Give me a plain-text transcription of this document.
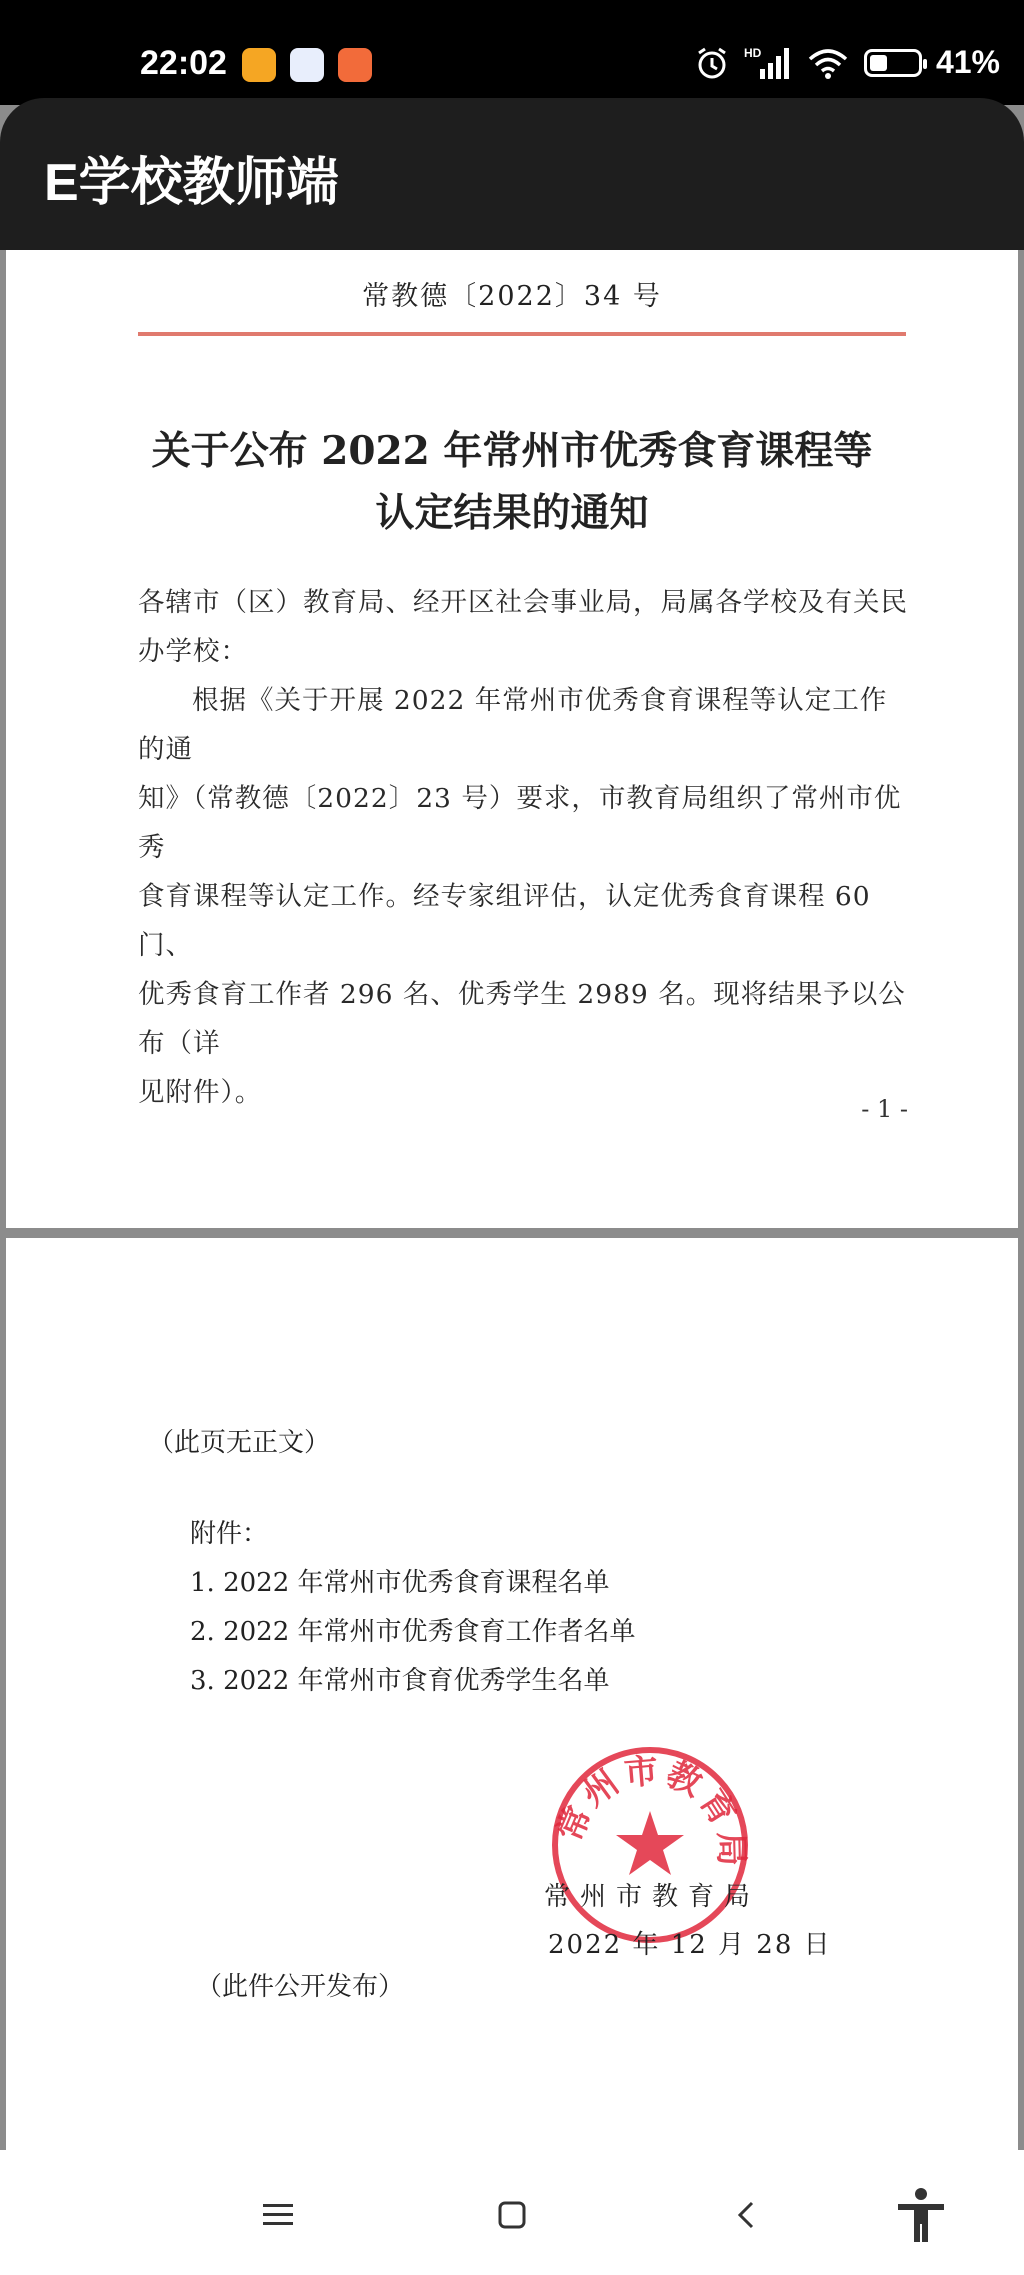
22:02	HD	41%
E学校教师端
常教德〔2022〕34 号
关于公布 2022 年常州市优秀食育课程等
认定结果的通知

各辖市（区）教育局、经开区社会事业局，局属各学校及有关民

办学校：

根据《关于开展 2022 年常州市优秀食育课程等认定工作的通

知》（常教德〔2022〕23 号）要求，市教育局组织了常州市优秀

食育课程等认定工作。经专家组评估，认定优秀食育课程 60 门、

优秀食育工作者 296 名、优秀学生 2989 名。现将结果予以公布（详

见附件）。

- 1 -
（此页无正文）
附件：
1. 2022 年常州市优秀食育课程名单
2. 2022 年常州市优秀食育工作者名单
3. 2022 年常州市食育优秀学生名单
常州市教育局
常州市教育局
2022 年 12 月 28 日
（此件公开发布）
